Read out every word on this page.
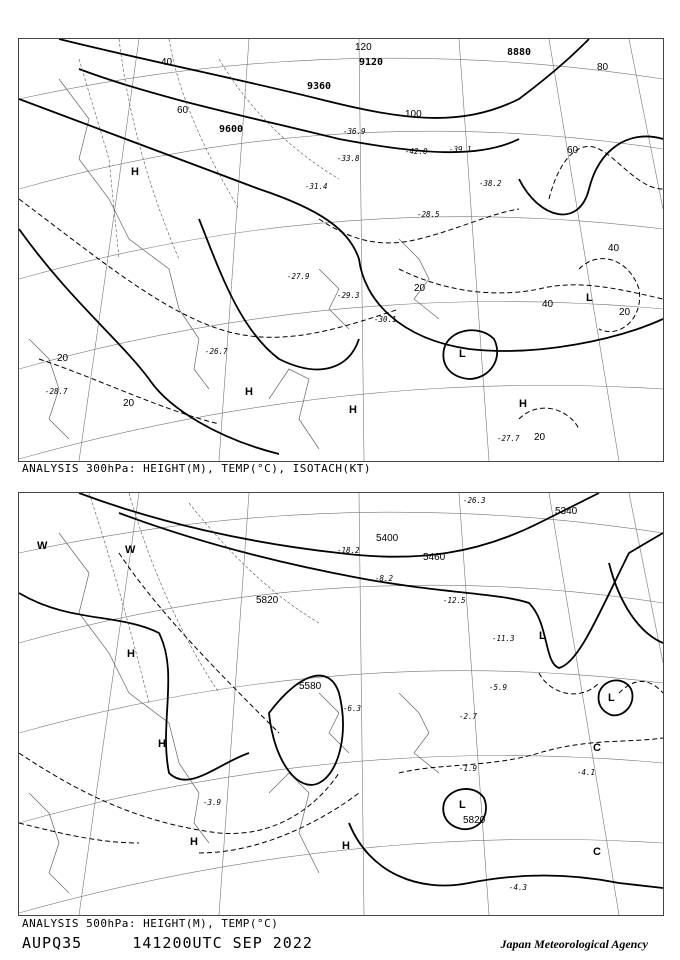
H
H
H	H
L
L
9120
9360
9600
8880
20
20
20
20
20
40
40
40
60
60
80
100
120
-27.9
-28.5
-29.3
-30.1
-31.4
-33.8
-36.9
-38.2
-39.1
-42.0
-27.7
-26.7
-28.7
ANALYSIS 300hPa: HEIGHT(M), TEMP(°C), ISOTACH(KT)
H
H
H	H
L
L
L
W	W
C
C
5340
5400
5460
5820
5820
5580
-4.1
-4.3
-5.9
-6.3
-8.2
-11.3
-12.5
-18.2
-26.3
-1.9
-2.7
-3.9
ANALYSIS 500hPa: HEIGHT(M), TEMP(°C)
AUPQ35	141200UTC SEP 2022	Japan Meteorological Agency
